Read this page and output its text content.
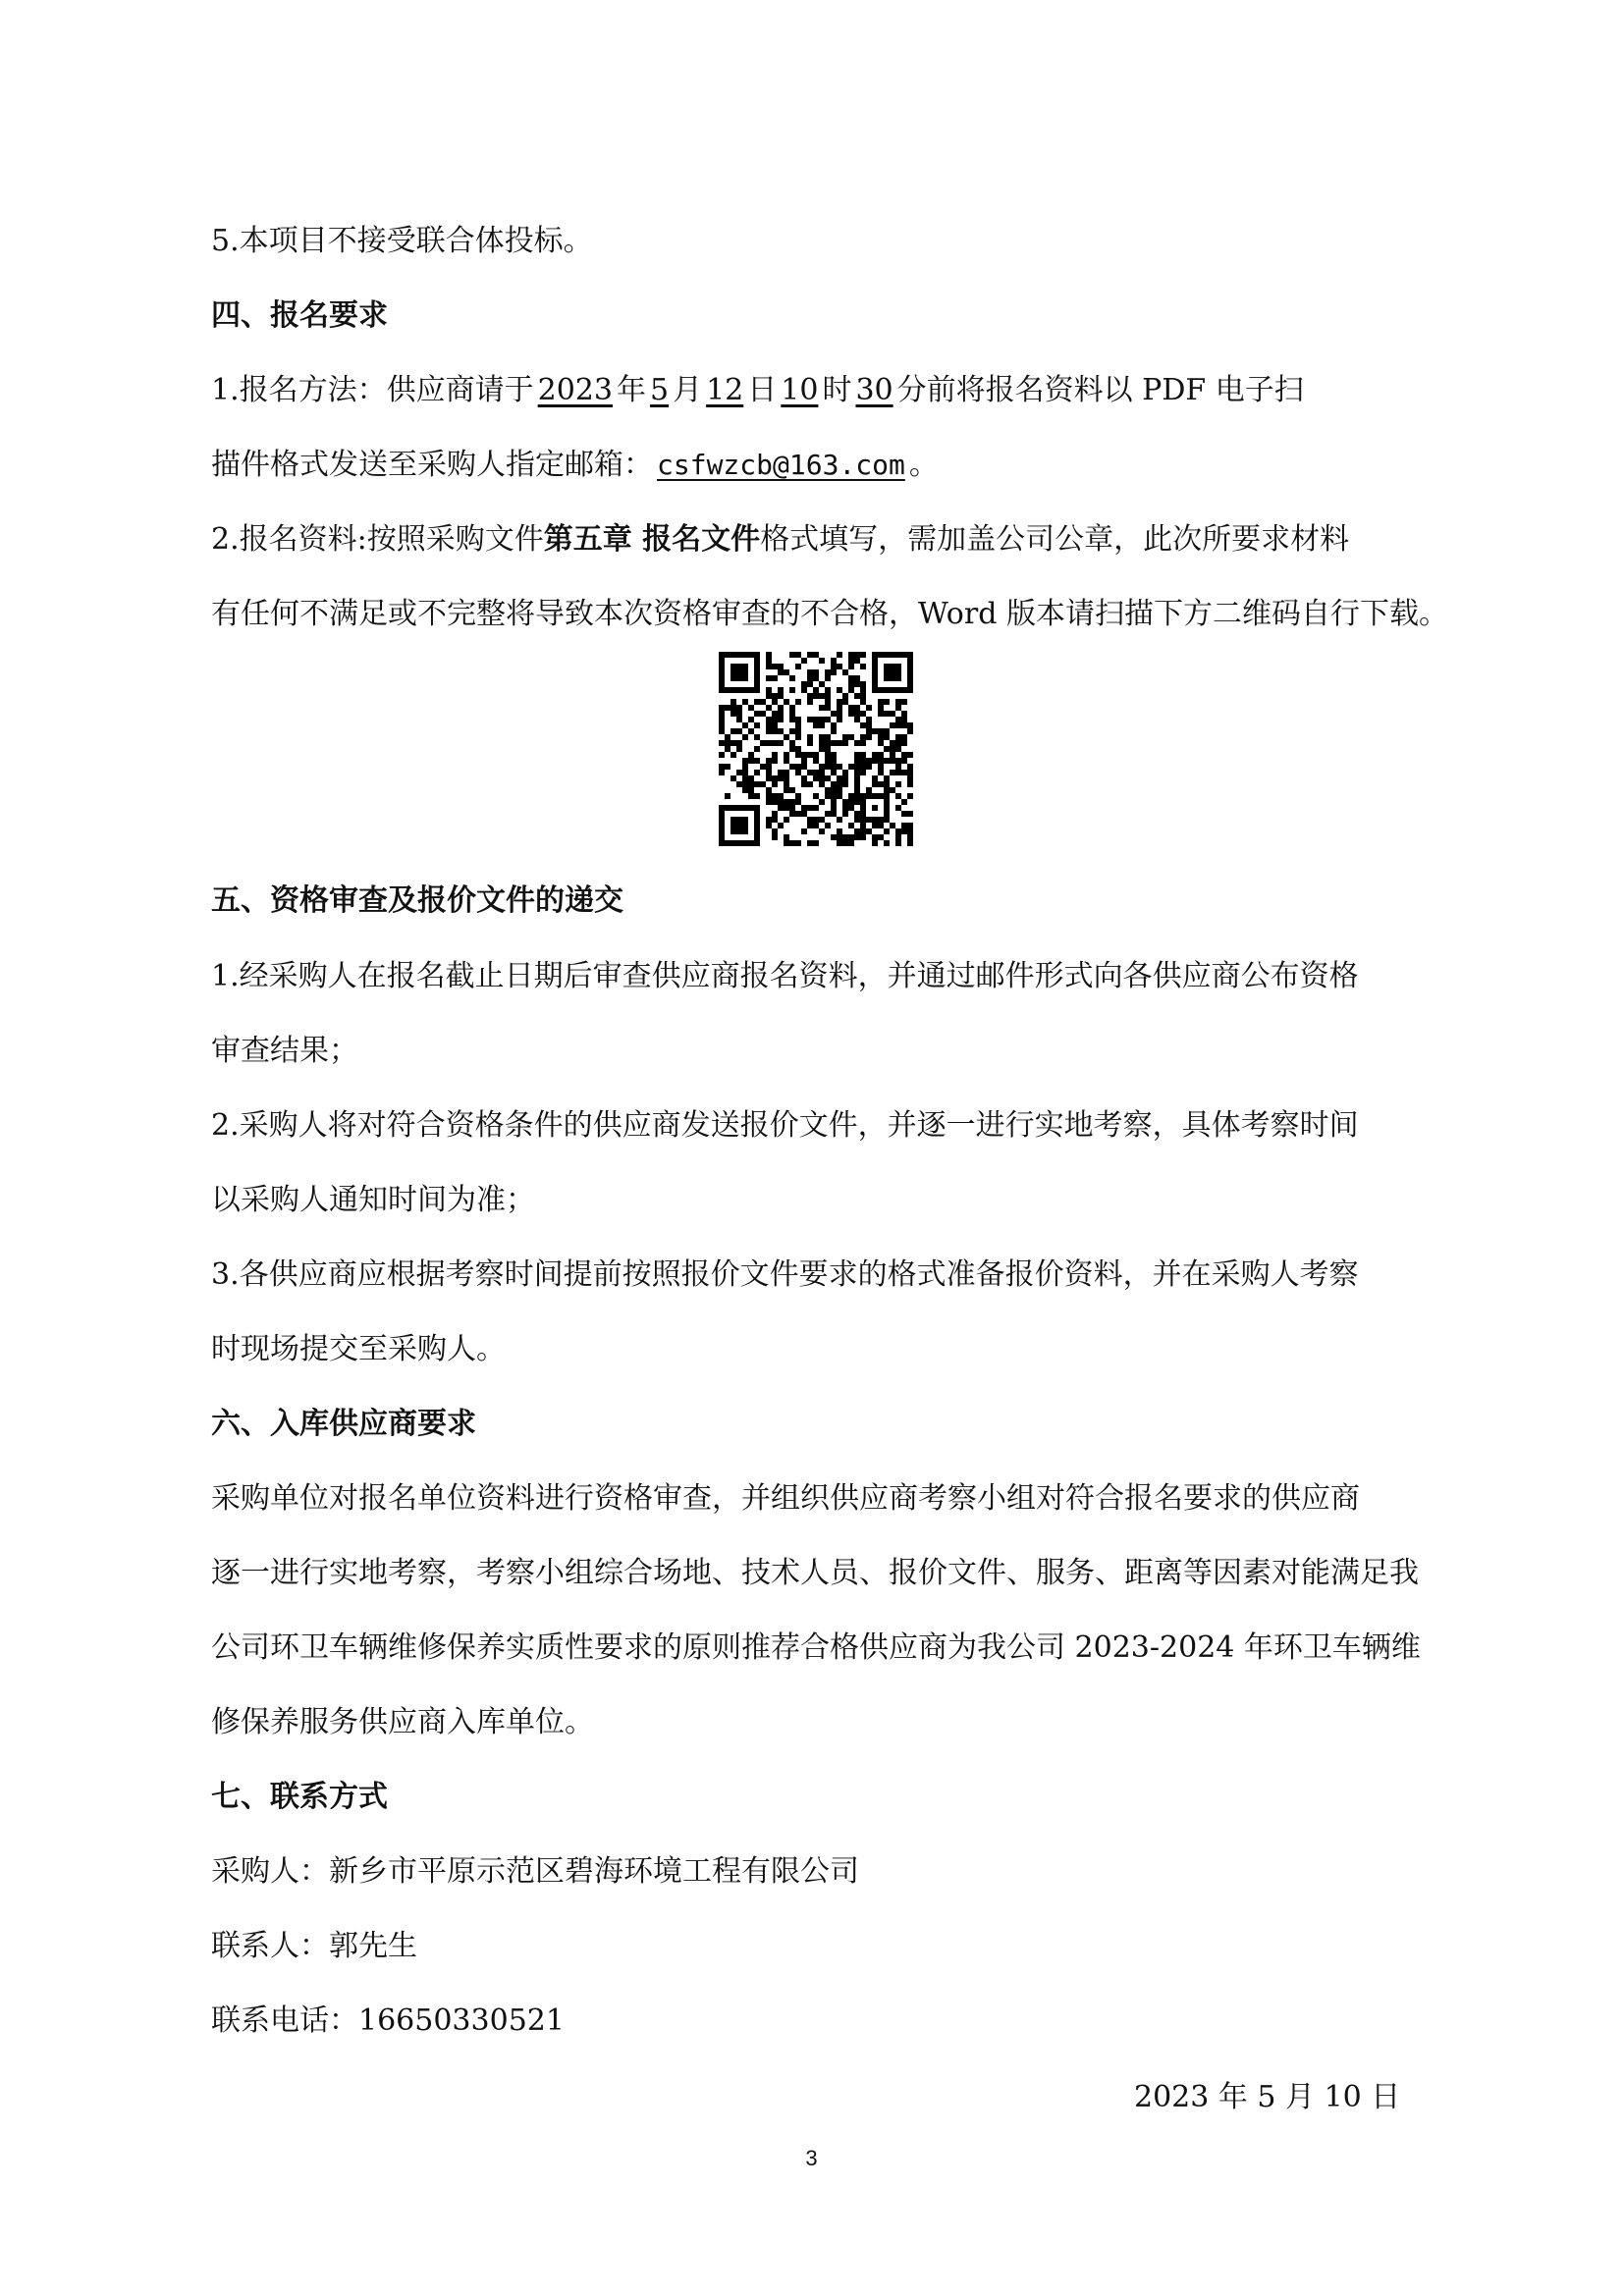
5.本项目不接受联合体投标。
四、报名要求
1.报名方法：供应商请于 2023 年 5 月 12 日 10 时 30 分前将报名资料以 PDF 电子扫
描件格式发送至采购人指定邮箱： csfwzcb@163.com 。
2.报名资料:按照采购文件第五章 报名文件格式填写，需加盖公司公章，此次所要求材料
有任何不满足或不完整将导致本次资格审查的不合格，Word 版本请扫描下方二维码自行下载。
五、资格审查及报价文件的递交
1.经采购人在报名截止日期后审查供应商报名资料，并通过邮件形式向各供应商公布资格
审查结果；
2.采购人将对符合资格条件的供应商发送报价文件，并逐一进行实地考察，具体考察时间
以采购人通知时间为准；
3.各供应商应根据考察时间提前按照报价文件要求的格式准备报价资料，并在采购人考察
时现场提交至采购人。
六、入库供应商要求
采购单位对报名单位资料进行资格审查，并组织供应商考察小组对符合报名要求的供应商
逐一进行实地考察，考察小组综合场地、技术人员、报价文件、服务、距离等因素对能满足我
公司环卫车辆维修保养实质性要求的原则推荐合格供应商为我公司 2023-2024 年环卫车辆维
修保养服务供应商入库单位。
七、联系方式
采购人：新乡市平原示范区碧海环境工程有限公司
联系人：郭先生
联系电话：16650330521
2023 年 5 月 10 日
3
